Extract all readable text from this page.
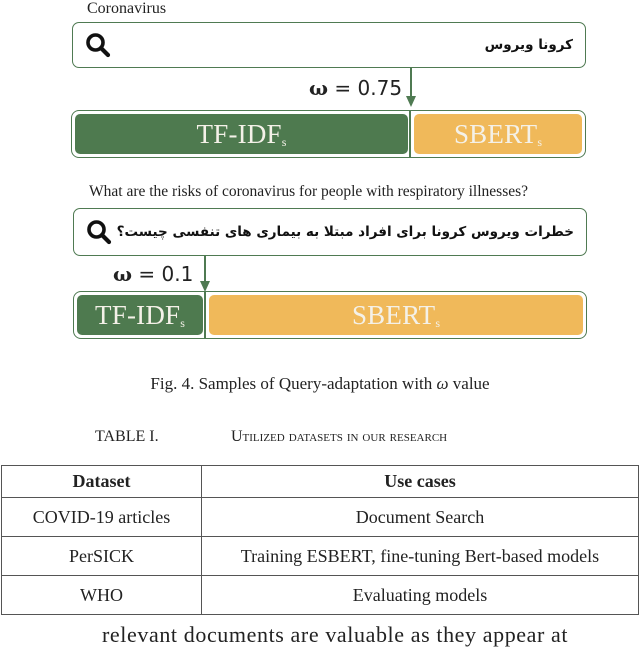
Coronavirus
کرونا ویروس
ω = 0.75
$TF-IDF_s$	$SBERT_s$
What are the risks of coronavirus for people with respiratory illnesses?
خطرات ویروس کرونا برای افراد مبتلا به بیماری های تنفسی چیست؟
ω = 0.1
$TF-IDF_s$	$SBERT_s$
Fig. 4. Samples of Query-adaptation with ω value
TABLE I.	Utilized datasets in our research
Dataset	Use cases
COVID-19 articles	Document Search
PerSICK	Training ESBERT, fine-tuning Bert-based models
WHO	Evaluating models
relevant documents are valuable as they appear at
